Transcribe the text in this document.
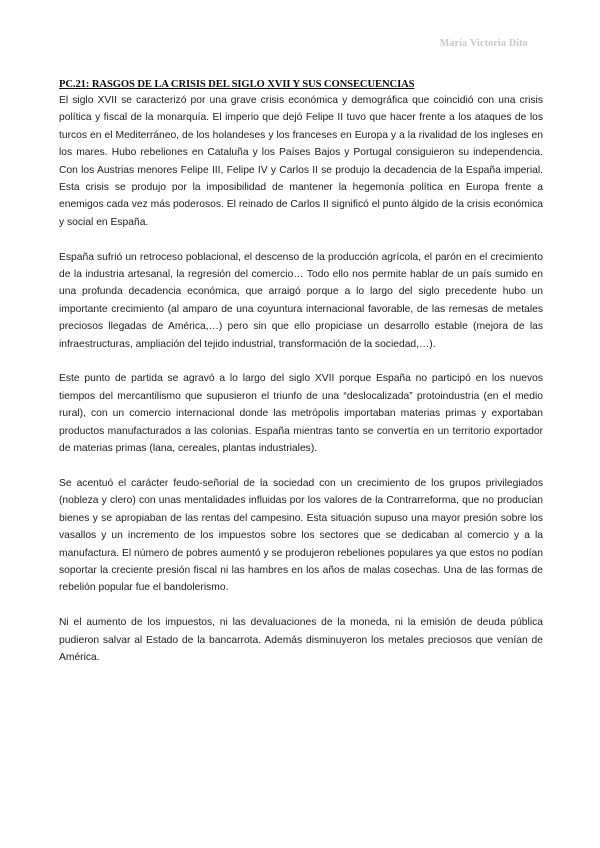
María Victoria Dito
PC.21: RASGOS DE LA CRISIS DEL SIGLO XVII Y SUS CONSECUENCIAS

El siglo XVII se caracterizó por una grave crisis económica y demográfica que coincidió con una crisis política y fiscal de la monarquía. El imperio que dejó Felipe II tuvo que hacer frente a los ataques de los turcos en el Mediterráneo, de los holandeses y los franceses en Europa y a la rivalidad de los ingleses en los mares. Hubo rebeliones en Cataluña y los Países Bajos y Portugal consiguieron su independencia. Con los Austrias menores Felipe III, Felipe IV y Carlos II se produjo la decadencia de la España imperial. Esta crisis se produjo por la imposibilidad de mantener la hegemonía política en Europa frente a enemigos cada vez más poderosos. El reinado de Carlos II significó el punto álgido de la crisis económica y social en España.

España sufrió un retroceso poblacional, el descenso de la producción agrícola, el parón en el crecimiento de la industria artesanal, la regresión del comercio… Todo ello nos permite hablar de un país sumido en una profunda decadencia económica, que arraigó porque a lo largo del siglo precedente hubo un importante crecimiento (al amparo de una coyuntura internacional favorable, de las remesas de metales preciosos llegadas de América,…) pero sin que ello propiciase un desarrollo estable (mejora de las infraestructuras, ampliación del tejido industrial, transformación de la sociedad,…).

Este punto de partida se agravó a lo largo del siglo XVII porque España no participó en los nuevos tiempos del mercantilismo que supusieron el triunfo de una “deslocalizada” protoindustria (en el medio rural), con un comercio internacional donde las metrópolis importaban materias primas y exportaban productos manufacturados a las colonias. España mientras tanto se convertía en un territorio exportador de materias primas (lana, cereales, plantas industriales).

Se acentuó el carácter feudo-señorial de la sociedad con un crecimiento de los grupos privilegiados (nobleza y clero) con unas mentalidades influidas por los valores de la Contrarreforma, que no producían bienes y se apropiaban de las rentas del campesino. Esta situación supuso una mayor presión sobre los vasallos y un incremento de los impuestos sobre los sectores que se dedicaban al comercio y a la manufactura. El número de pobres aumentó y se produjeron rebeliones populares ya que estos no podían soportar la creciente presión fiscal ni las hambres en los años de malas cosechas. Una de las formas de rebelión popular fue el bandolerismo.

Ni el aumento de los impuestos, ni las devaluaciones de la moneda, ni la emisión de deuda pública pudieron salvar al Estado de la bancarrota. Además disminuyeron los metales preciosos que venían de América.
